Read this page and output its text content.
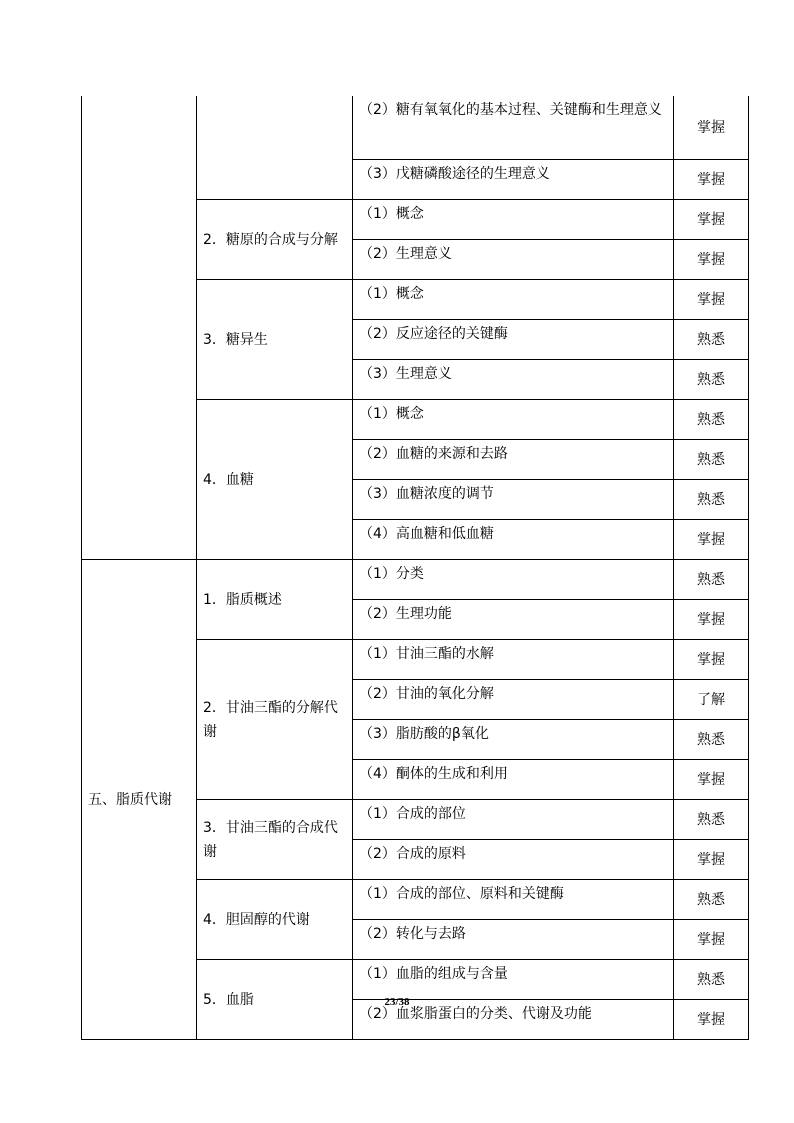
		（2）糖有氧氧化的基本过程、关键酶和生理意义	掌握
		（3）戊糖磷酸途径的生理意义	掌握
	2．糖原的合成与分解	（1）概念	掌握
		（2）生理意义	掌握
	3．糖异生	（1）概念	掌握
		（2）反应途径的关键酶	熟悉
		（3）生理意义	熟悉
	4．血糖	（1）概念	熟悉
		（2）血糖的来源和去路	熟悉
		（3）血糖浓度的调节	熟悉
		（4）高血糖和低血糖	掌握
五、脂质代谢	1．脂质概述	（1）分类	熟悉
		（2）生理功能	掌握
	2．甘油三酯的分解代谢	（1）甘油三酯的水解	掌握
		（2）甘油的氧化分解	了解
		（3）脂肪酸的β氧化	熟悉
		（4）酮体的生成和利用	掌握
	3．甘油三酯的合成代谢	（1）合成的部位	熟悉
		（2）合成的原料	掌握
	4．胆固醇的代谢	（1）合成的部位、原料和关键酶	熟悉
		（2）转化与去路	掌握
	5．血脂	（1）血脂的组成与含量	熟悉
		（2）血浆脂蛋白的分类、代谢及功能	掌握
23/38
